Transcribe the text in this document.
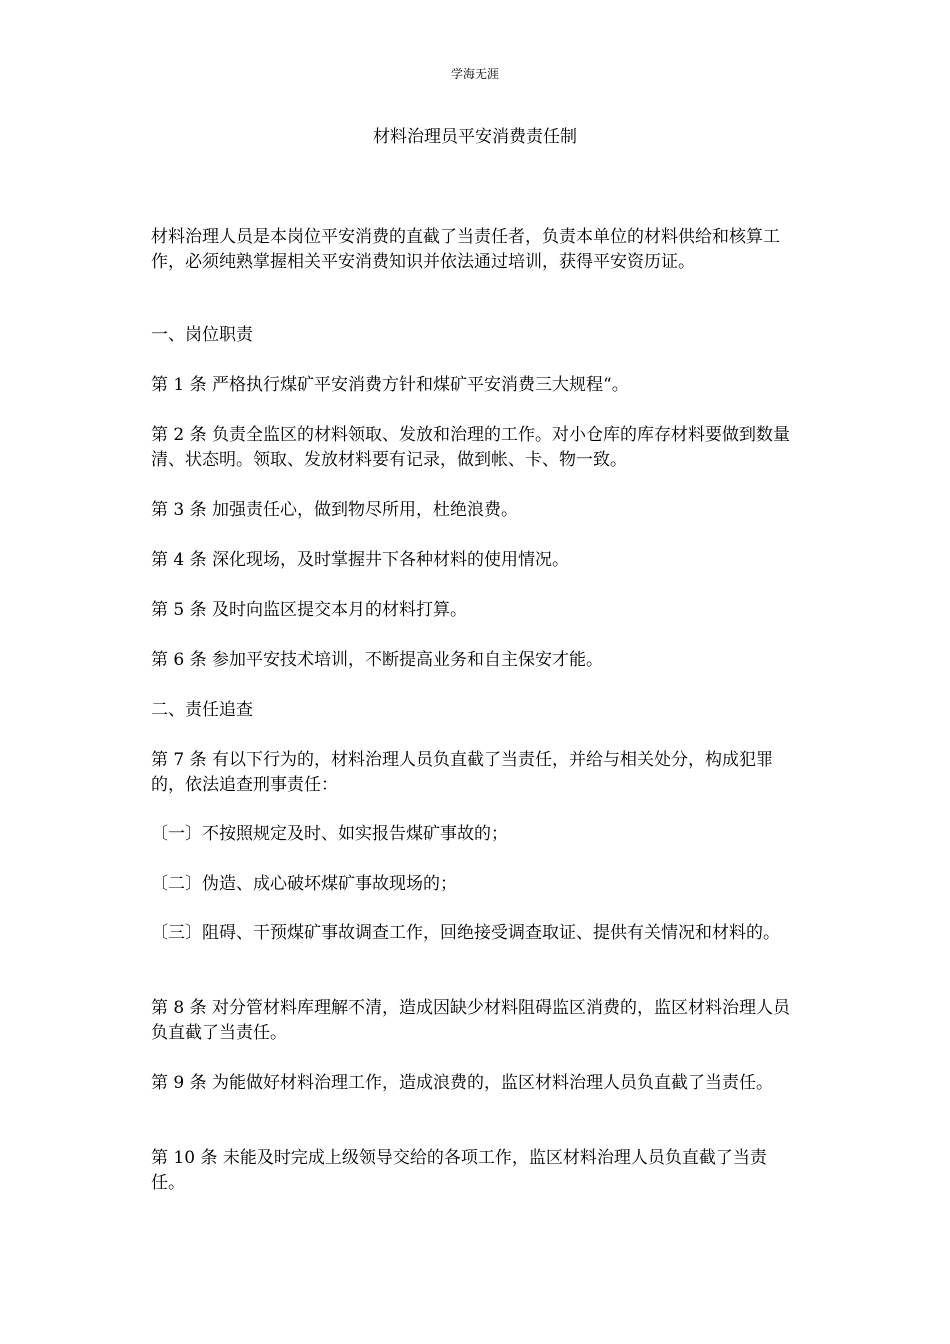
学海无涯
材料治理员平安消费责任制

材料治理人员是本岗位平安消费的直截了当责任者，负责本单位的材料供给和核算工作，必须纯熟掌握相关平安消费知识并依法通过培训，获得平安资历证。

一、岗位职责

第 1 条 严格执行煤矿平安消费方针和煤矿平安消费三大规程“。

第 2 条 负责全监区的材料领取、发放和治理的工作。对小仓库的库存材料要做到数量清、状态明。领取、发放材料要有记录，做到帐、卡、物一致。

第 3 条 加强责任心，做到物尽所用，杜绝浪费。

第 4 条 深化现场，及时掌握井下各种材料的使用情况。

第 5 条 及时向监区提交本月的材料打算。

第 6 条 参加平安技术培训，不断提高业务和自主保安才能。

二、责任追查

第 7 条 有以下行为的，材料治理人员负直截了当责任，并给与相关处分，构成犯罪的，依法追查刑事责任：

〔一〕不按照规定及时、如实报告煤矿事故的；

〔二〕伪造、成心破坏煤矿事故现场的；

〔三〕阻碍、干预煤矿事故调查工作，回绝接受调查取证、提供有关情况和材料的。

第 8 条 对分管材料库理解不清，造成因缺少材料阻碍监区消费的，监区材料治理人员负直截了当责任。

第 9 条 为能做好材料治理工作，造成浪费的，监区材料治理人员负直截了当责任。

第 10 条 未能及时完成上级领导交给的各项工作，监区材料治理人员负直截了当责任。
